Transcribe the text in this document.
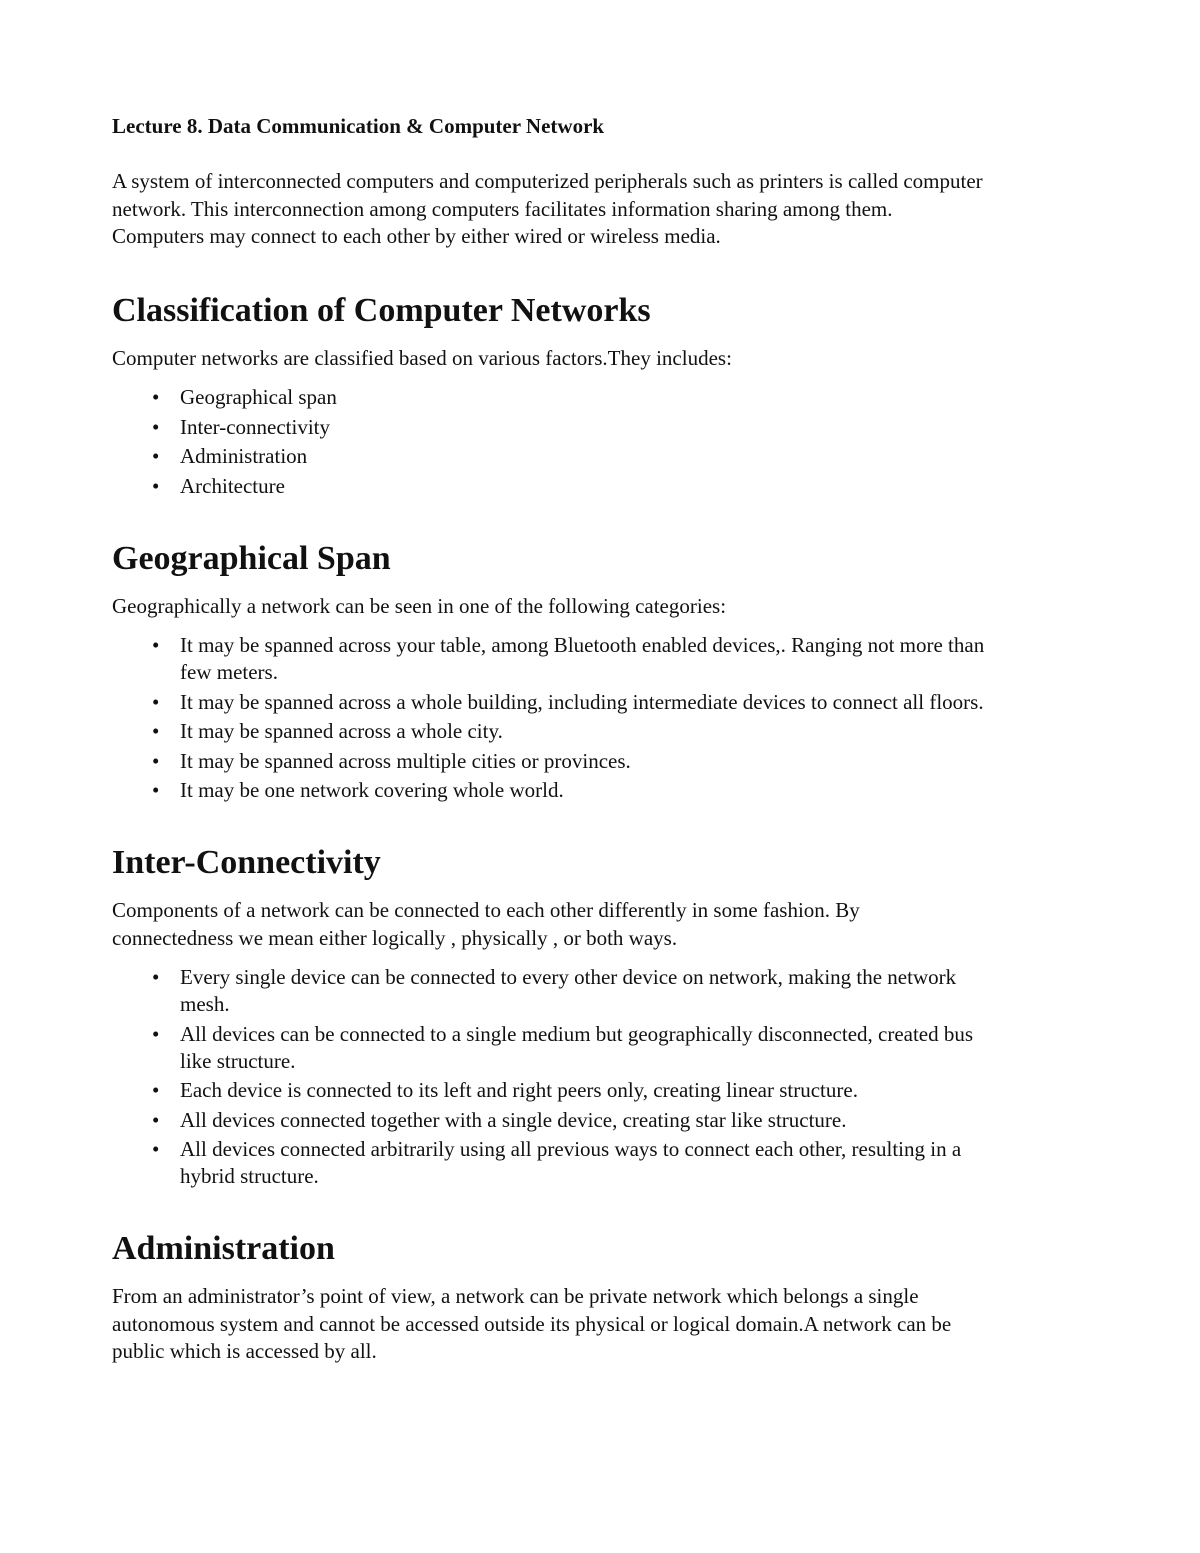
Lecture 8. Data Communication & Computer Network

A system of interconnected computers and computerized peripherals such as printers is called computer
network. This interconnection among computers facilitates information sharing among them.
Computers may connect to each other by either wired or wireless media.

Classification of Computer Networks

Computer networks are classified based on various factors.They includes:

• Geographical span
• Inter-connectivity
• Administration
• Architecture
Geographical Span

Geographically a network can be seen in one of the following categories:

• It may be spanned across your table, among Bluetooth enabled devices,. Ranging not more than
few meters.
• It may be spanned across a whole building, including intermediate devices to connect all floors.
• It may be spanned across a whole city.
• It may be spanned across multiple cities or provinces.
• It may be one network covering whole world.
Inter-Connectivity

Components of a network can be connected to each other differently in some fashion. By
connectedness we mean either logically , physically , or both ways.

• Every single device can be connected to every other device on network, making the network
mesh.
• All devices can be connected to a single medium but geographically disconnected, created bus
like structure.
• Each device is connected to its left and right peers only, creating linear structure.
• All devices connected together with a single device, creating star like structure.
• All devices connected arbitrarily using all previous ways to connect each other, resulting in a
hybrid structure.
Administration

From an administrator’s point of view, a network can be private network which belongs a single
autonomous system and cannot be accessed outside its physical or logical domain.A network can be
public which is accessed by all.
